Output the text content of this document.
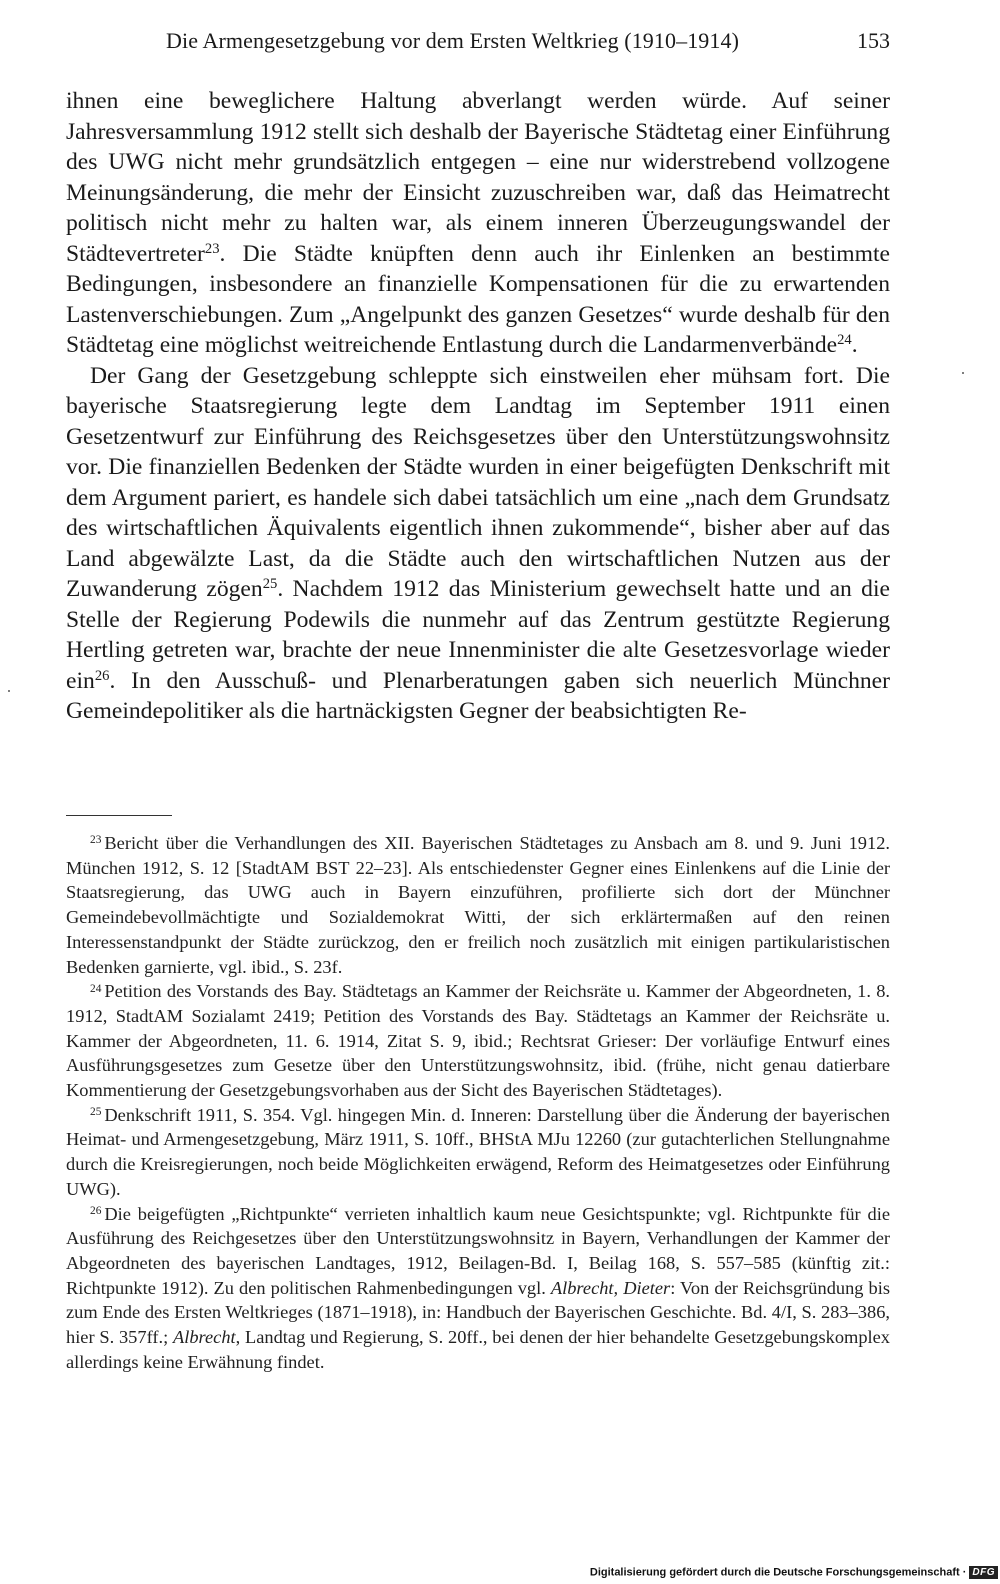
Die Armengesetzgebung vor dem Ersten Weltkrieg (1910–1914)	153

ihnen eine beweglichere Haltung abverlangt werden würde. Auf seiner Jahresversammlung 1912 stellt sich deshalb der Bayerische Städtetag einer Einführung des UWG nicht mehr grundsätzlich entgegen – eine nur widerstrebend vollzogene Meinungsänderung, die mehr der Einsicht zuzuschreiben war, daß das Heimatrecht politisch nicht mehr zu halten war, als einem inneren Überzeugungswandel der Städtevertreter$^{23}$. Die Städte knüpften denn auch ihr Einlenken an bestimmte Bedingungen, insbesondere an finanzielle Kompensationen für die zu erwartenden Lastenverschiebungen. Zum „Angelpunkt des ganzen Gesetzes“ wurde deshalb für den Städtetag eine möglichst weitreichende Entlastung durch die Landarmenverbände$^{24}$.

Der Gang der Gesetzgebung schleppte sich einstweilen eher mühsam fort. Die bayerische Staatsregierung legte dem Landtag im September 1911 einen Gesetzentwurf zur Einführung des Reichsgesetzes über den Unterstützungswohnsitz vor. Die finanziellen Bedenken der Städte wurden in einer beigefügten Denkschrift mit dem Argument pariert, es handele sich dabei tatsächlich um eine „nach dem Grundsatz des wirtschaftlichen Äquivalents eigentlich ihnen zukommende“, bisher aber auf das Land abgewälzte Last, da die Städte auch den wirtschaftlichen Nutzen aus der Zuwanderung zögen$^{25}$. Nachdem 1912 das Ministerium gewechselt hatte und an die Stelle der Regierung Podewils die nunmehr auf das Zentrum gestützte Regierung Hertling getreten war, brachte der neue Innenminister die alte Gesetzesvorlage wieder ein$^{26}$. In den Ausschuß- und Plenarberatungen gaben sich neuerlich Münchner Gemeindepolitiker als die hartnäckigsten Gegner der beabsichtigten Re-

$^{23}$ Bericht über die Verhandlungen des XII. Bayerischen Städtetages zu Ansbach am 8. und 9. Juni 1912. München 1912, S. 12 [StadtAM BST 22–23]. Als entschiedenster Gegner eines Einlenkens auf die Linie der Staatsregierung, das UWG auch in Bayern einzuführen, profilierte sich dort der Münchner Gemeindebevollmächtigte und Sozialdemokrat Witti, der sich erklärtermaßen auf den reinen Interessenstandpunkt der Städte zurückzog, den er freilich noch zusätzlich mit einigen partikularistischen Bedenken garnierte, vgl. ibid., S. 23f.

$^{24}$ Petition des Vorstands des Bay. Städtetags an Kammer der Reichsräte u. Kammer der Abgeordneten, 1. 8. 1912, StadtAM Sozialamt 2419; Petition des Vorstands des Bay. Städtetags an Kammer der Reichsräte u. Kammer der Abgeordneten, 11. 6. 1914, Zitat S. 9, ibid.; Rechtsrat Grieser: Der vorläufige Entwurf eines Ausführungsgesetzes zum Gesetze über den Unterstützungswohnsitz, ibid. (frühe, nicht genau datierbare Kommentierung der Gesetzgebungsvorhaben aus der Sicht des Bayerischen Städtetages).

$^{25}$ Denkschrift 1911, S. 354. Vgl. hingegen Min. d. Inneren: Darstellung über die Änderung der bayerischen Heimat- und Armengesetzgebung, März 1911, S. 10ff., BHStA MJu 12260 (zur gutachterlichen Stellungnahme durch die Kreisregierungen, noch beide Möglichkeiten erwägend, Reform des Heimatgesetzes oder Einführung UWG).

$^{26}$ Die beigefügten „Richtpunkte“ verrieten inhaltlich kaum neue Gesichtspunkte; vgl. Richtpunkte für die Ausführung des Reichgesetzes über den Unterstützungswohnsitz in Bayern, Verhandlungen der Kammer der Abgeordneten des bayerischen Landtages, 1912, Beilagen-Bd. I, Beilag 168, S. 557–585 (künftig zit.: Richtpunkte 1912). Zu den politischen Rahmenbedingungen vgl. Albrecht, Dieter: Von der Reichsgründung bis zum Ende des Ersten Weltkrieges (1871–1918), in: Handbuch der Bayerischen Geschichte. Bd. 4/I, S. 283–386, hier S. 357ff.; Albrecht, Landtag und Regierung, S. 20ff., bei denen der hier behandelte Gesetzgebungskomplex allerdings keine Erwähnung findet.

Digitalisierung gefördert durch die Deutsche Forschungsgemeinschaft · DFG
